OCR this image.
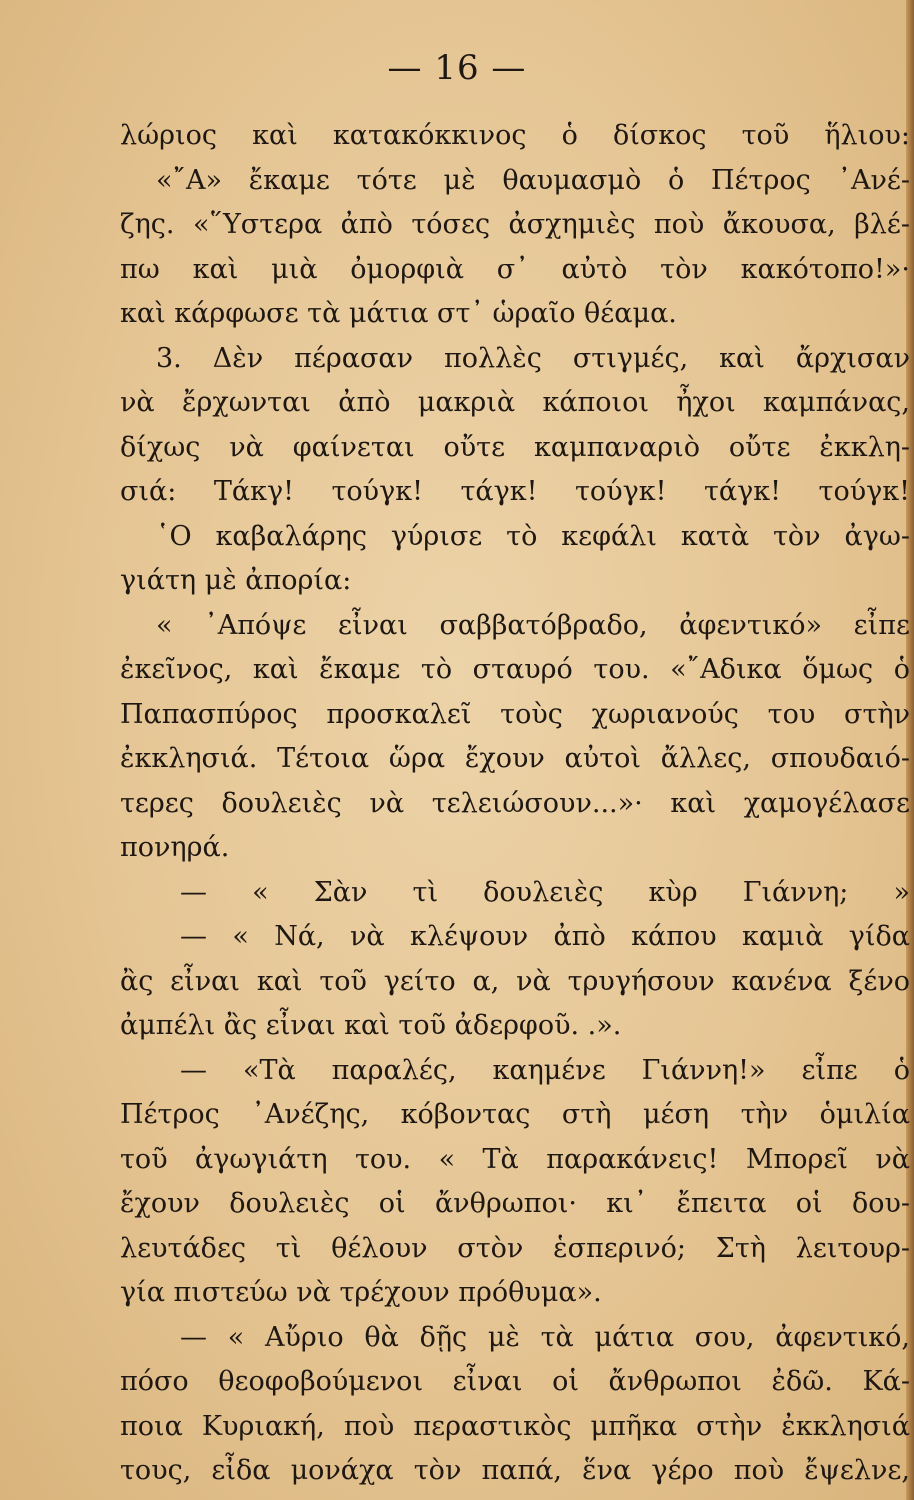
— 16 —
λώριος καὶ κατακόκκινος ὁ δίσκος τοῦ ἥλιου:
«῎Α» ἔκαμε τότε μὲ θαυμασμὸ ὁ Πέτρος ᾿Ανέ-
ζης. «῞Υστερα ἀπὸ τόσες ἀσχημιὲς ποὺ ἄκουσα, βλέ-
πω καὶ μιὰ ὀμορφιὰ σ᾿ αὐτὸ τὸν κακότοπο!»·
καὶ κάρφωσε τὰ μάτια στ᾿ ὡραῖο θέαμα.
3. Δὲν πέρασαν πολλὲς στιγμές, καὶ ἄρχισαν
νὰ ἔρχωνται ἀπὸ μακριὰ κάποιοι ἦχοι καμπάνας,
δίχως νὰ φαίνεται οὔτε καμπαναριὸ οὔτε ἐκκλη-
σιά: Τάκγ! τούγκ! τάγκ! τούγκ! τάγκ! τούγκ!
῾Ο καβαλάρης γύρισε τὸ κεφάλι κατὰ τὸν ἀγω-
γιάτη μὲ ἀπορία:
« ᾿Απόψε εἶναι σαββατόβραδο, ἀφεντικό» εἶπε
ἐκεῖνος, καὶ ἔκαμε τὸ σταυρό του. «῎Αδικα ὅμως ὁ
Παπασπύρος προσκαλεῖ τοὺς χωριανούς του στὴν
ἐκκλησιά. Τέτοια ὥρα ἔχουν αὐτοὶ ἄλλες, σπουδαιό-
τερες δουλειὲς νὰ τελειώσουν...»· καὶ χαμογέλασε
πονηρά.
— « Σὰν τὶ δουλειὲς κὺρ Γιάννη; »
— « Νά, νὰ κλέψουν ἀπὸ κάπου καμιὰ γίδα
ἂς εἶναι καὶ τοῦ γείτο α, νὰ τρυγήσουν κανένα ξένο
ἀμπέλι ἂς εἶναι καὶ τοῦ ἀδερφοῦ. .».
— «Τὰ παραλές, καημένε Γιάννη!» εἶπε ὁ
Πέτρος ᾿Ανέζης, κόβοντας στὴ μέση τὴν ὁμιλία
τοῦ ἀγωγιάτη του. « Τὰ παρακάνεις! Μπορεῖ νὰ
ἔχουν δουλειὲς οἱ ἄνθρωποι· κι᾿ ἔπειτα οἱ δου-
λευτάδες τὶ θέλουν στὸν ἑσπερινό; Στὴ λειτουρ-
γία πιστεύω νὰ τρέχουν πρόθυμα».
— « Αὔριο θὰ δῇς μὲ τὰ μάτια σου, ἀφεντικό,
πόσο θεοφοβούμενοι εἶναι οἱ ἄνθρωποι ἐδῶ. Κά-
ποια Κυριακή, ποὺ περαστικὸς μπῆκα στὴν ἐκκλησιά
τους, εἶδα μονάχα τὸν παπά, ἕνα γέρο ποὺ ἔψελνε,
